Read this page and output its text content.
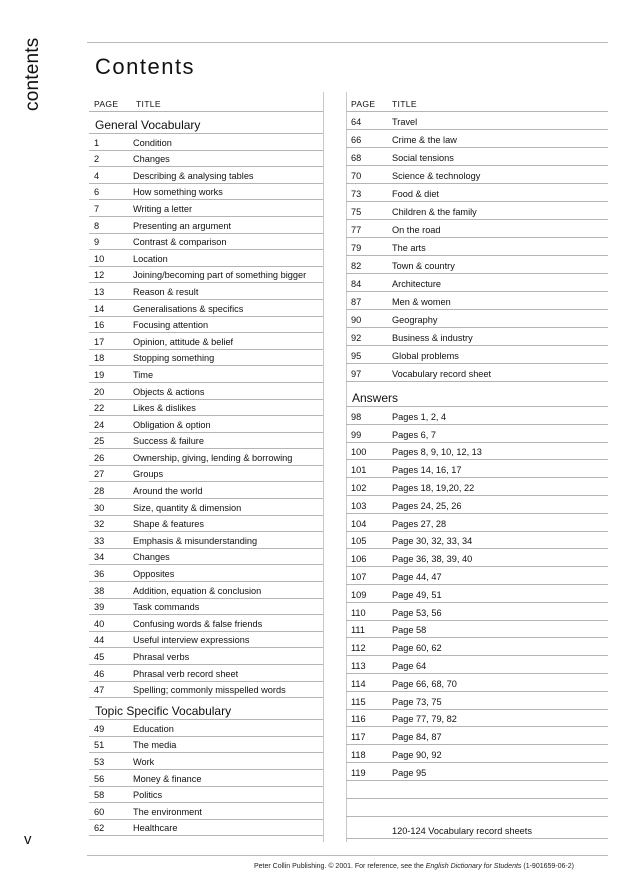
contents
v
Contents
PAGE TITLE
General Vocabulary
1	Condition
2	Changes
4	Describing & analysing tables
6	How something works
7	Writing a letter
8	Presenting an argument
9	Contrast & comparison
10	Location
12	Joining/becoming part of something bigger
13	Reason & result
14	Generalisations & specifics
16	Focusing attention
17	Opinion, attitude & belief
18	Stopping something
19	Time
20	Objects & actions
22	Likes & dislikes
24	Obligation & option
25	Success & failure
26	Ownership, giving, lending & borrowing
27	Groups
28	Around the world
30	Size, quantity & dimension
32	Shape & features
33	Emphasis & misunderstanding
34	Changes
36	Opposites
38	Addition, equation & conclusion
39	Task commands
40	Confusing words & false friends
44	Useful interview expressions
45	Phrasal verbs
46	Phrasal verb record sheet
47	Spelling; commonly misspelled words
Topic Specific Vocabulary
49	Education
51	The media
53	Work
56	Money & finance
58	Politics
60	The environment
62	Healthcare
PAGE TITLE
64	Travel
66	Crime & the law
68	Social tensions
70	Science & technology
73	Food & diet
75	Children & the family
77	On the road
79	The arts
82	Town & country
84	Architecture
87	Men & women
90	Geography
92	Business & industry
95	Global problems
97	Vocabulary record sheet
Answers
98	Pages 1, 2, 4
99	Pages 6, 7
100	Pages 8, 9, 10, 12, 13
101	Pages 14, 16, 17
102	Pages 18, 19,20, 22
103	Pages 24, 25, 26
104	Pages 27, 28
105	Page 30, 32, 33, 34
106	Page 36, 38, 39, 40
107	Page 44, 47
109	Page 49, 51
110	Page 53, 56
111	Page 58
112	Page 60, 62
113	Page 64
114	Page 66, 68, 70
115	Page 73, 75
116	Page 77, 79, 82
117	Page 84, 87
118	Page 90, 92
119	Page 95
120-124 Vocabulary record sheets
Peter Collin Publishing. © 2001. For reference, see the English Dictionary for Students (1-901659-06-2)
